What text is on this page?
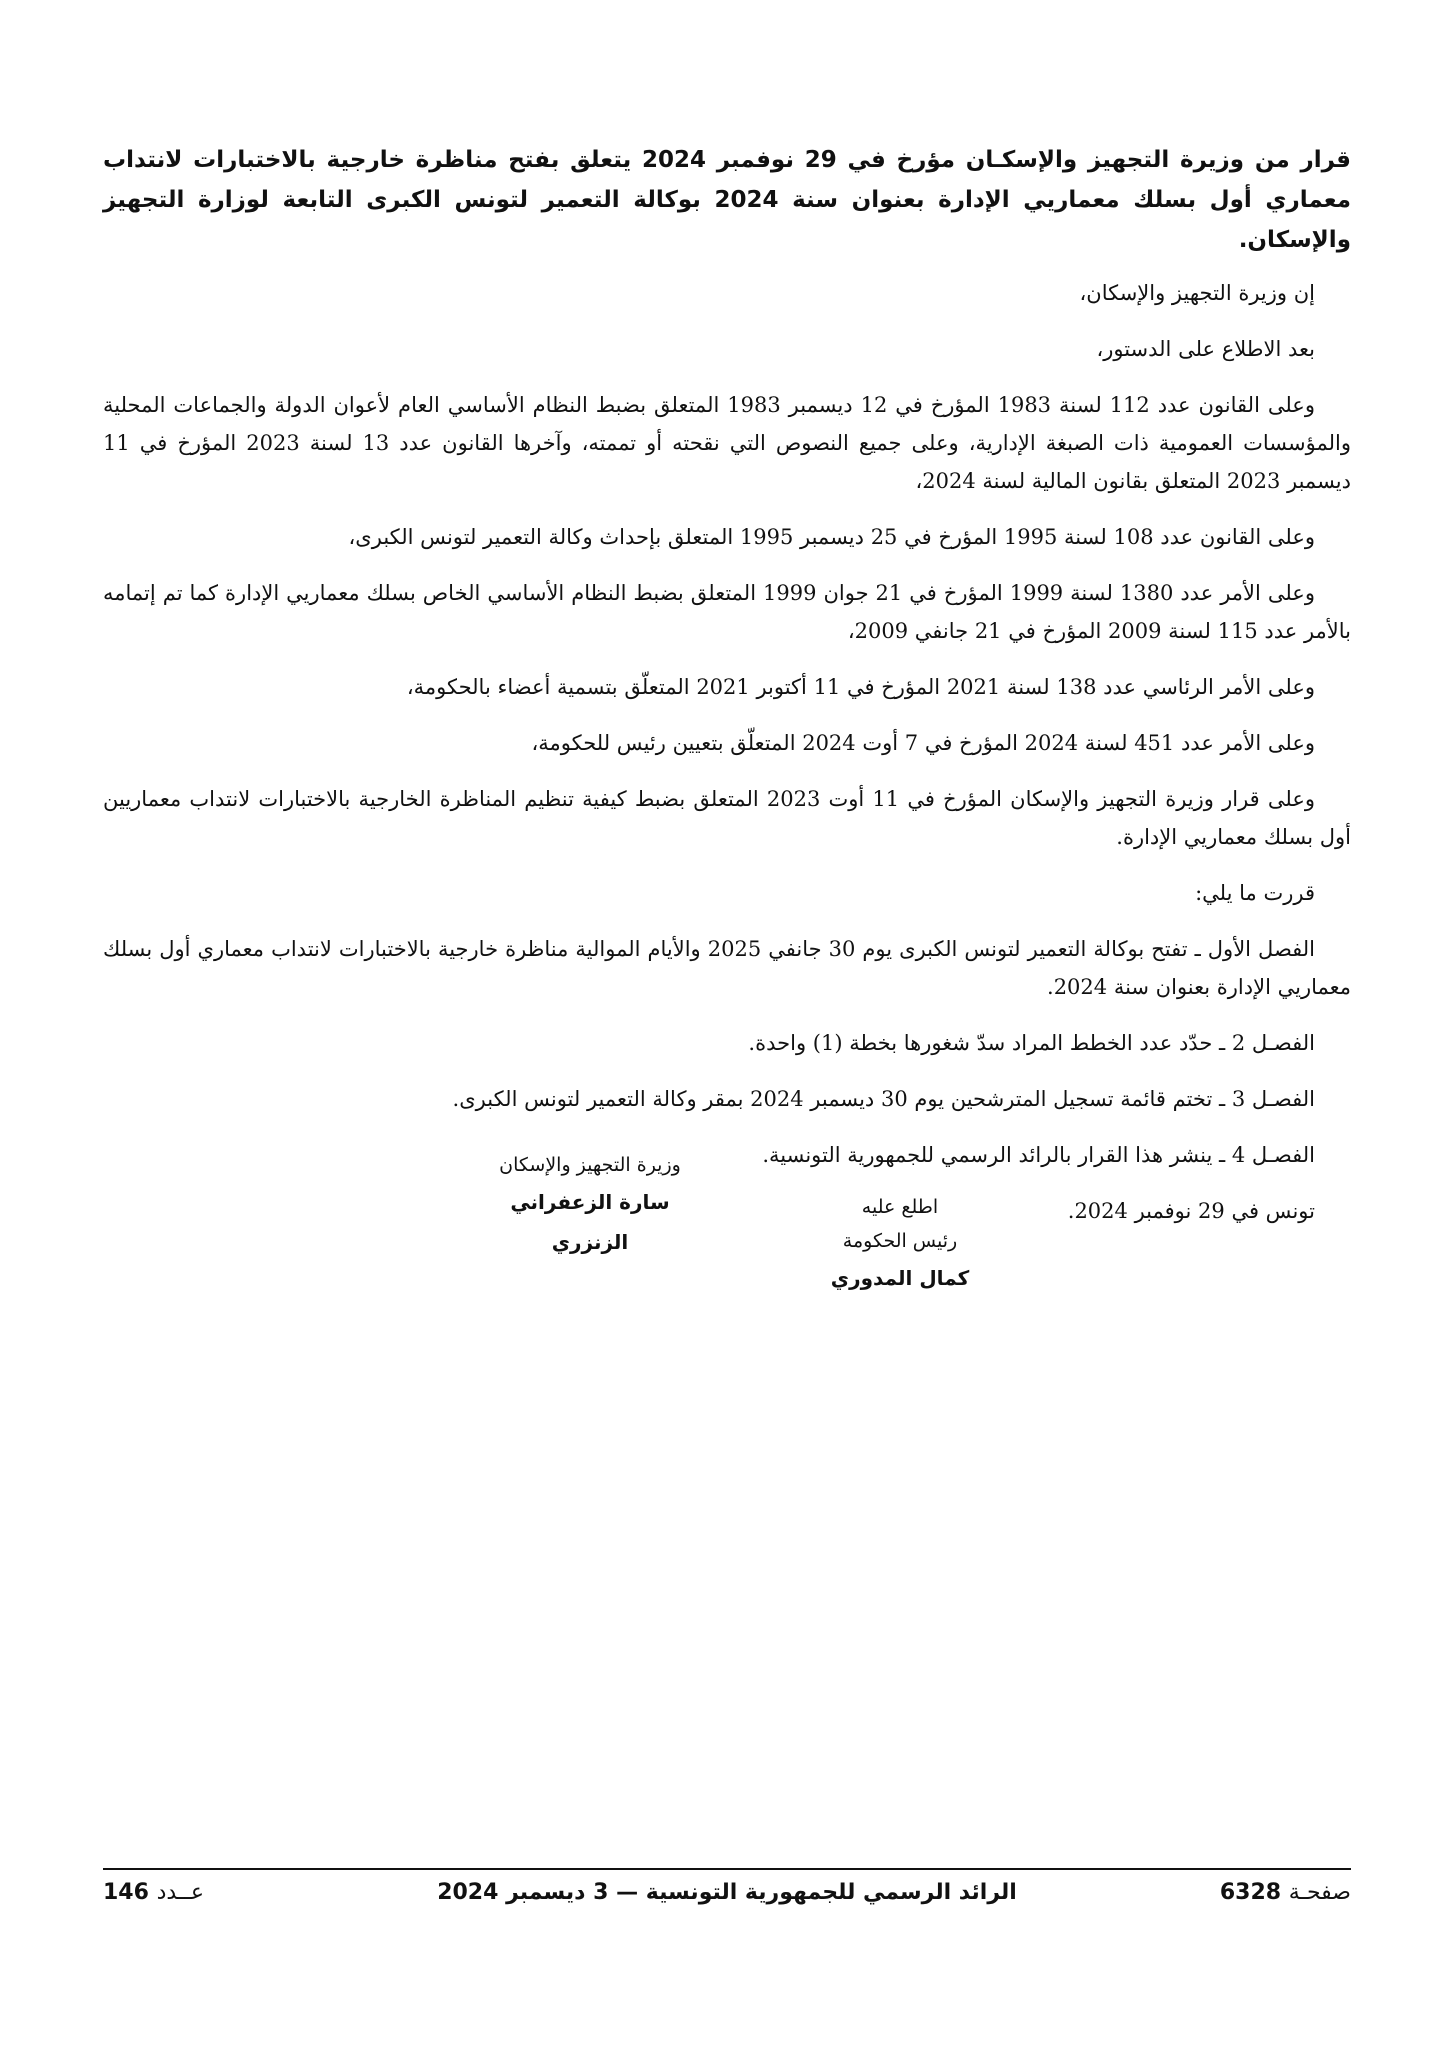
قرار من وزيرة التجهيز والإسكـان مؤرخ في 29 نوفمبر 2024 يتعلق بفتح مناظرة خارجية بالاختبارات لانتداب معماري أول بسلك معماريي الإدارة بعنوان سنة 2024 بوكالة التعمير لتونس الكبرى التابعة لوزارة التجهيز والإسكان.

إن وزيرة التجهيز والإسكان،

بعد الاطلاع على الدستور،

وعلى القانون عدد 112 لسنة 1983 المؤرخ في 12 ديسمبر 1983 المتعلق بضبط النظام الأساسي العام لأعوان الدولة والجماعات المحلية والمؤسسات العمومية ذات الصبغة الإدارية، وعلى جميع النصوص التي نقحته أو تممته، وآخرها القانون عدد 13 لسنة 2023 المؤرخ في 11 ديسمبر 2023 المتعلق بقانون المالية لسنة 2024،

وعلى القانون عدد 108 لسنة 1995 المؤرخ في 25 ديسمبر 1995 المتعلق بإحداث وكالة التعمير لتونس الكبرى،

وعلى الأمر عدد 1380 لسنة 1999 المؤرخ في 21 جوان 1999 المتعلق بضبط النظام الأساسي الخاص بسلك معماريي الإدارة كما تم إتمامه بالأمر عدد 115 لسنة 2009 المؤرخ في 21 جانفي 2009،

وعلى الأمر الرئاسي عدد 138 لسنة 2021 المؤرخ في 11 أكتوبر 2021 المتعلّق بتسمية أعضاء بالحكومة،

وعلى الأمر عدد 451 لسنة 2024 المؤرخ في 7 أوت 2024 المتعلّق بتعيين رئيس للحكومة،

وعلى قرار وزيرة التجهيز والإسكان المؤرخ في 11 أوت 2023 المتعلق بضبط كيفية تنظيم المناظرة الخارجية بالاختبارات لانتداب معماريين أول بسلك معماريي الإدارة.

قررت ما يلي:

الفصل الأول ـ تفتح بوكالة التعمير لتونس الكبرى يوم 30 جانفي 2025 والأيام الموالية مناظرة خارجية بالاختبارات لانتداب معماري أول بسلك معماريي الإدارة بعنوان سنة 2024.

الفصـل 2 ـ حدّد عدد الخطط المراد سدّ شغورها بخطة (1) واحدة.

الفصـل 3 ـ تختم قائمة تسجيل المترشحين يوم 30 ديسمبر 2024 بمقر وكالة التعمير لتونس الكبرى.

الفصـل 4 ـ ينشر هذا القرار بالرائد الرسمي للجمهورية التونسية.

تونس في 29 نوفمبر 2024.

وزيرة التجهيز والإسكان
سارة الزعفراني الزنزري
اطلع عليه
رئيس الحكومة
كمال المدوري
صفحـة 6328
الرائد الرسمي للجمهورية التونسية — 3 ديسمبر 2024
عــدد 146
